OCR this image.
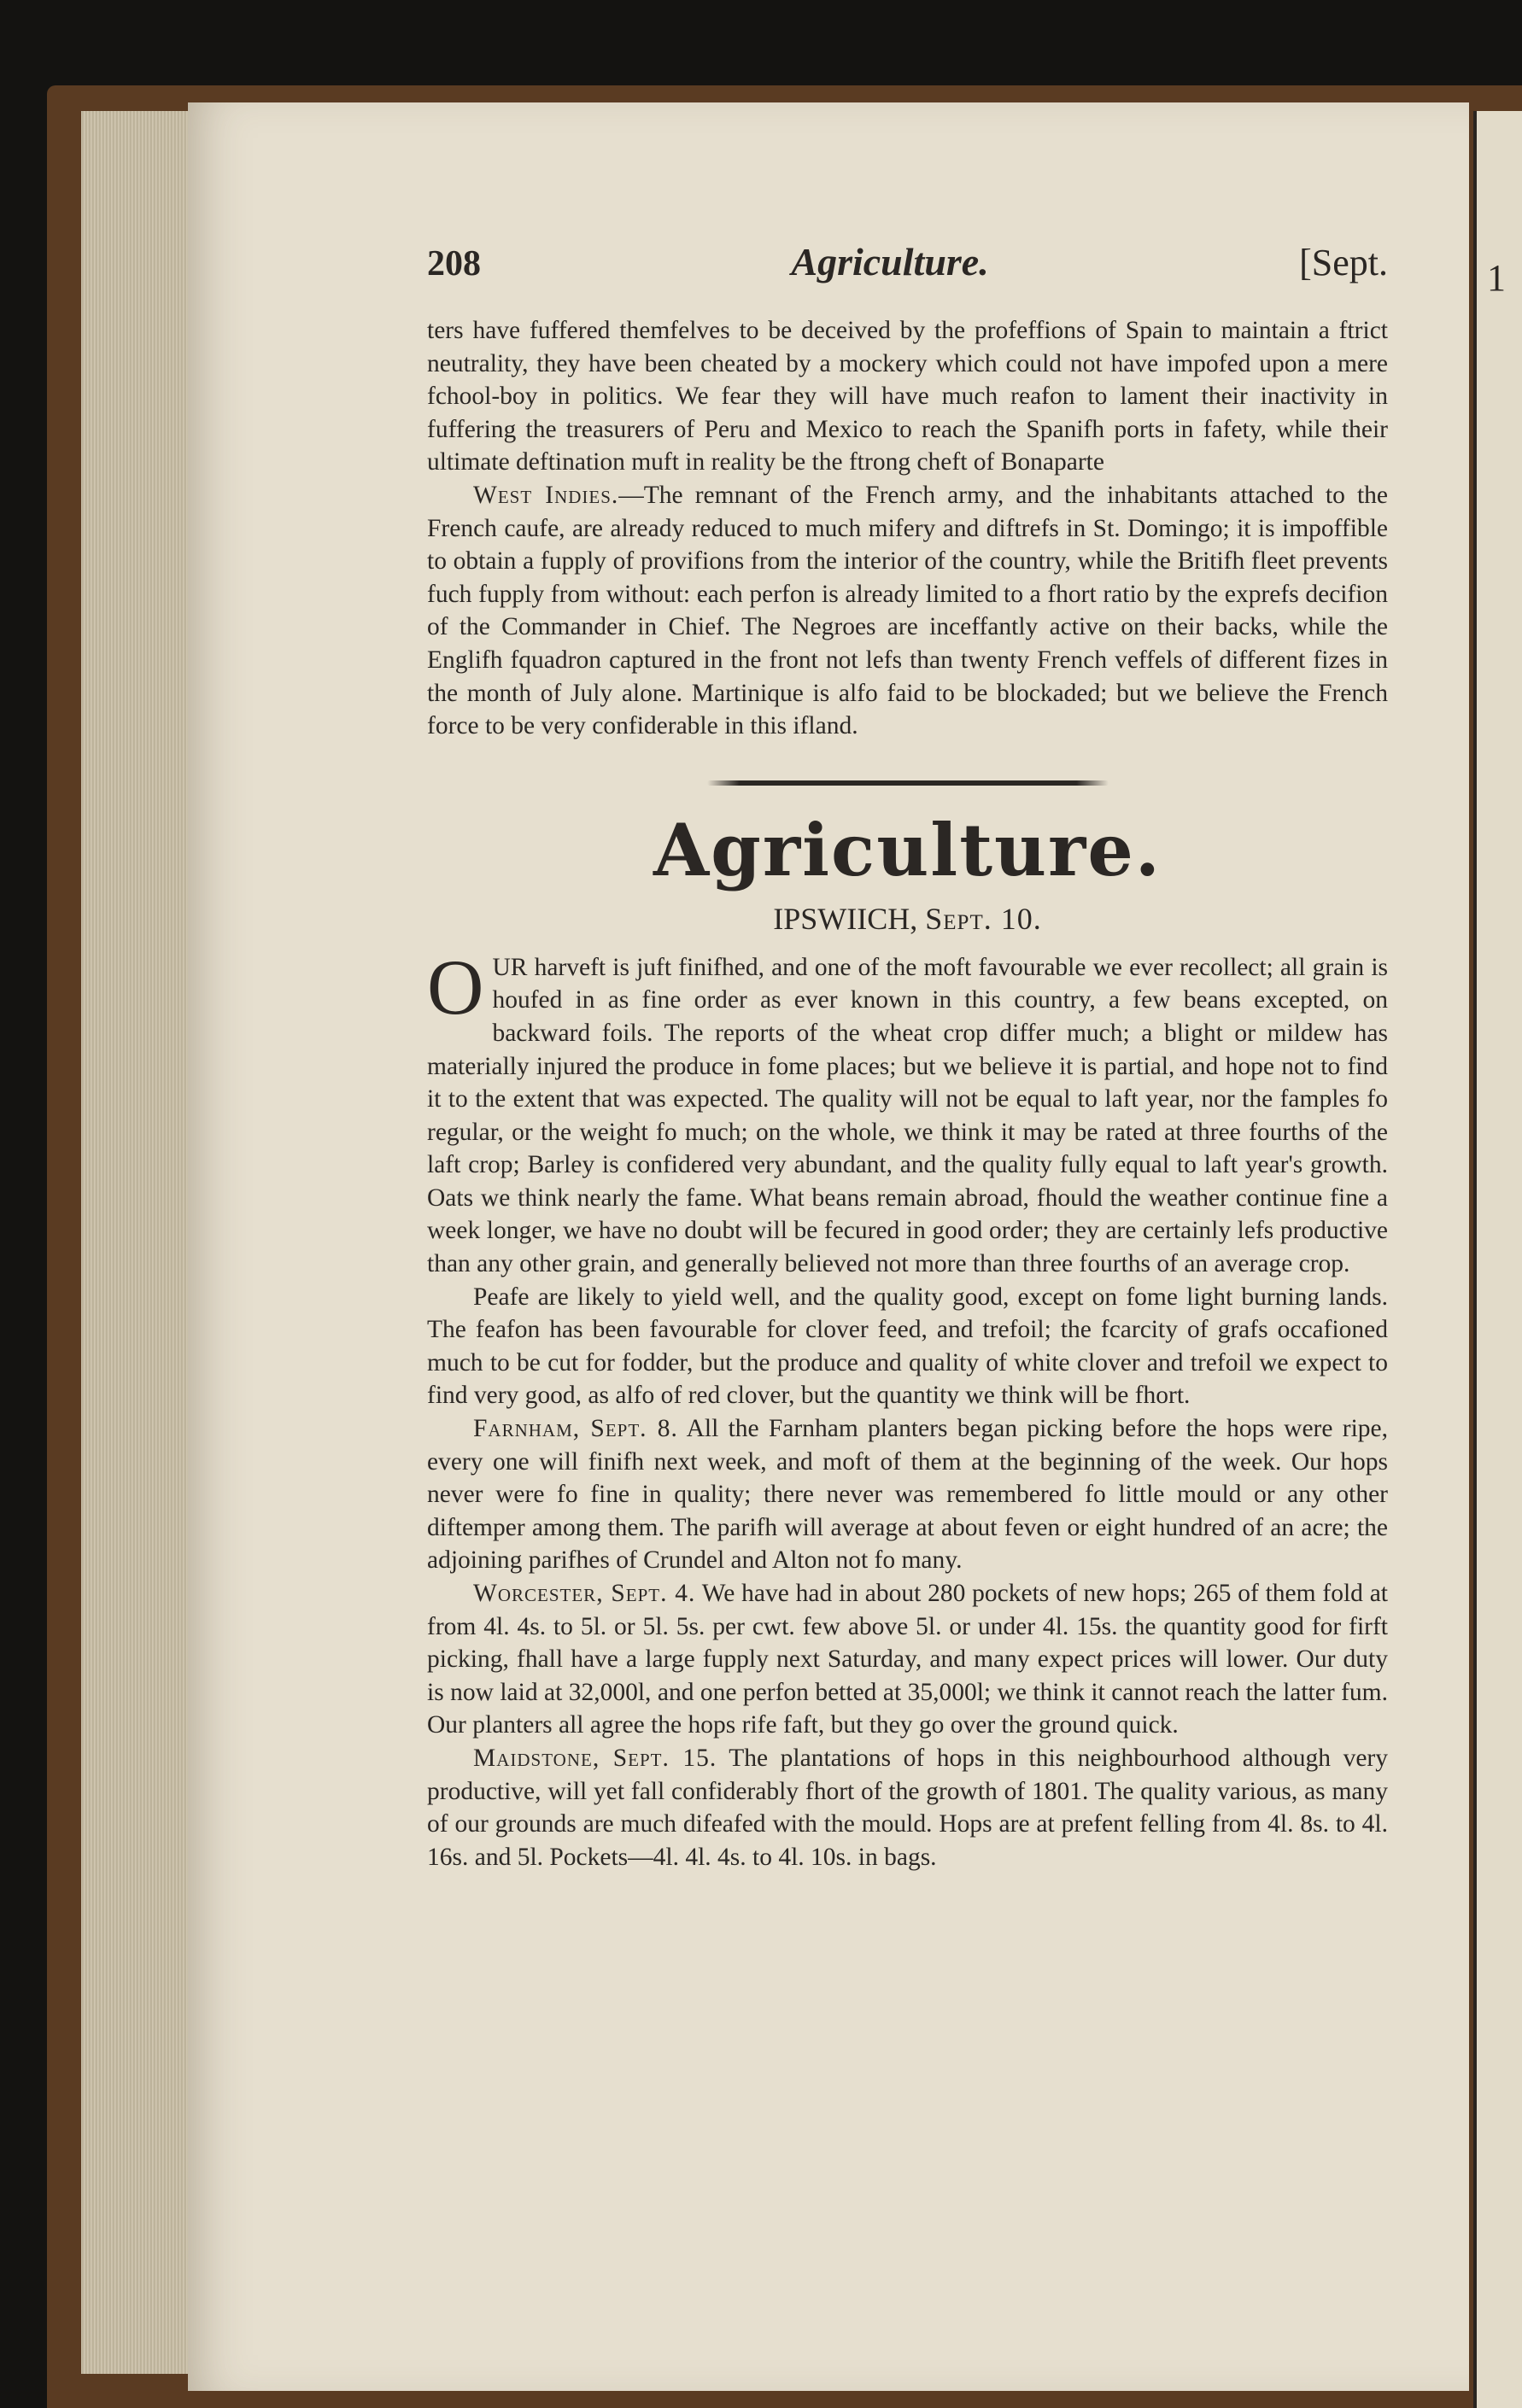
1
208	Agriculture.	[Sept.

ters have fuffered themfelves to be deceived by the profeffions of Spain to maintain a ftrict neutrality, they have been cheated by a mockery which could not have impofed upon a mere fchool-boy in politics. We fear they will have much reafon to lament their inactivity in fuffering the treasurers of Peru and Mexico to reach the Spanifh ports in fafety, while their ultimate deftination muft in reality be the ftrong cheft of Bonaparte

West Indies.—The remnant of the French army, and the inhabitants attached to the French caufe, are already reduced to much mifery and diftrefs in St. Domingo; it is impoffible to obtain a fupply of provifions from the interior of the country, while the Britifh fleet prevents fuch fupply from without: each perfon is already limited to a fhort ratio by the exprefs decifion of the Commander in Chief. The Negroes are inceffantly active on their backs, while the Englifh fquadron captured in the front not lefs than twenty French veffels of different fizes in the month of July alone. Martinique is alfo faid to be blockaded; but we believe the French force to be very confiderable in this ifland.

Agriculture.
IPSWIICH, Sept. 10.

OUR harveft is juft finifhed, and one of the moft favourable we ever recollect; all grain is houfed in as fine order as ever known in this country, a few beans excepted, on backward foils. The reports of the wheat crop differ much; a blight or mildew has materially injured the produce in fome places; but we believe it is partial, and hope not to find it to the extent that was expected. The quality will not be equal to laft year, nor the famples fo regular, or the weight fo much; on the whole, we think it may be rated at three fourths of the laft crop; Barley is confidered very abundant, and the quality fully equal to laft year's growth. Oats we think nearly the fame. What beans remain abroad, fhould the weather continue fine a week longer, we have no doubt will be fecured in good order; they are certainly lefs productive than any other grain, and generally believed not more than three fourths of an average crop.

Peafe are likely to yield well, and the quality good, except on fome light burning lands. The feafon has been favourable for clover feed, and trefoil; the fcarcity of grafs occafioned much to be cut for fodder, but the produce and quality of white clover and trefoil we expect to find very good, as alfo of red clover, but the quantity we think will be fhort.

Farnham, Sept. 8. All the Farnham planters began picking before the hops were ripe, every one will finifh next week, and moft of them at the beginning of the week. Our hops never were fo fine in quality; there never was remembered fo little mould or any other diftemper among them. The parifh will average at about feven or eight hundred of an acre; the adjoining parifhes of Crundel and Alton not fo many.

Worcester, Sept. 4. We have had in about 280 pockets of new hops; 265 of them fold at from 4l. 4s. to 5l. or 5l. 5s. per cwt. few above 5l. or under 4l. 15s. the quantity good for firft picking, fhall have a large fupply next Saturday, and many expect prices will lower. Our duty is now laid at 32,000l, and one perfon betted at 35,000l; we think it cannot reach the latter fum. Our planters all agree the hops rife faft, but they go over the ground quick.

Maidstone, Sept. 15. The plantations of hops in this neighbourhood although very productive, will yet fall confiderably fhort of the growth of 1801. The quality various, as many of our grounds are much difeafed with the mould. Hops are at prefent felling from 4l. 8s. to 4l. 16s. and 5l. Pockets—4l. 4l. 4s. to 4l. 10s. in bags.
